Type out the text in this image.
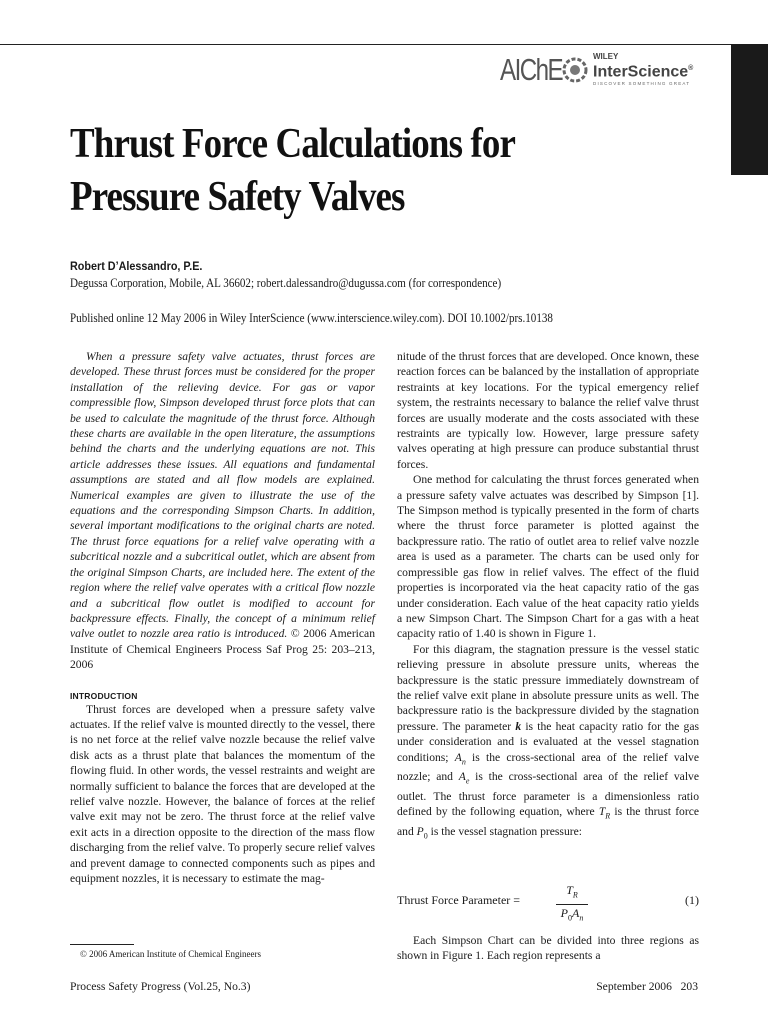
AIChE	WILEY
InterScience®
DISCOVER SOMETHING GREAT
Thrust Force Calculations for
Pressure Safety Valves
Robert D’Alessandro, P.E.
Degussa Corporation, Mobile, AL 36602; robert.dalessandro@dugussa.com (for correspondence)
Published online 12 May 2006 in Wiley InterScience (www.interscience.wiley.com). DOI 10.1002/prs.10138

When a pressure safety valve actuates, thrust forces are developed. These thrust forces must be considered for the proper installation of the relieving device. For gas or vapor compressible flow, Simpson developed thrust force plots that can be used to calculate the magnitude of the thrust force. Although these charts are available in the open literature, the assumptions behind the charts and the underlying equations are not. This article addresses these issues. All equations and fundamental assumptions are stated and all flow models are explained. Numerical examples are given to illustrate the use of the equations and the corresponding Simpson Charts. In addition, several important modifications to the original charts are noted. The thrust force equations for a relief valve operating with a subcritical nozzle and a subcritical outlet, which are absent from the original Simpson Charts, are included here. The extent of the region where the relief valve operates with a critical flow nozzle and a subcritical flow outlet is modified to account for backpressure effects. Finally, the concept of a minimum relief valve outlet to nozzle area ratio is introduced. © 2006 American Institute of Chemical Engineers Process Saf Prog 25: 203–213, 2006

INTRODUCTION

Thrust forces are developed when a pressure safety valve actuates. If the relief valve is mounted directly to the vessel, there is no net force at the relief valve nozzle because the relief valve disk acts as a thrust plate that balances the momentum of the flowing fluid. In other words, the vessel restraints and weight are normally sufficient to balance the forces that are developed at the relief valve nozzle. However, the balance of forces at the relief valve exit may not be zero. The thrust force at the relief valve exit acts in a direction opposite to the direction of the mass flow discharging from the relief valve. To properly secure relief valves and prevent damage to connected components such as pipes and equipment nozzles, it is necessary to estimate the mag-

nitude of the thrust forces that are developed. Once known, these reaction forces can be balanced by the installation of appropriate restraints at key locations. For the typical emergency relief system, the restraints necessary to balance the relief valve thrust forces are usually moderate and the costs associated with these restraints are typically low. However, large pressure safety valves operating at high pressure can produce substantial thrust forces.

One method for calculating the thrust forces generated when a pressure safety valve actuates was described by Simpson [1]. The Simpson method is typically presented in the form of charts where the thrust force parameter is plotted against the backpressure ratio. The ratio of outlet area to relief valve nozzle area is used as a parameter. The charts can be used only for compressible gas flow in relief valves. The effect of the fluid properties is incorporated via the heat capacity ratio of the gas under consideration. Each value of the heat capacity ratio yields a new Simpson Chart. The Simpson Chart for a gas with a heat capacity ratio of 1.40 is shown in Figure 1.

For this diagram, the stagnation pressure is the vessel static relieving pressure in absolute pressure units, whereas the backpressure is the static pressure immediately downstream of the relief valve exit plane in absolute pressure units as well. The backpressure ratio is the backpressure divided by the stagnation pressure. The parameter k is the heat capacity ratio for the gas under consideration and is evaluated at the vessel stagnation conditions; $A_n$ is the cross-sectional area of the relief valve nozzle; and $A_e$ is the cross-sectional area of the relief valve outlet. The thrust force parameter is a dimensionless ratio defined by the following equation, where $T_R$ is the thrust force and $P_0$ is the vessel stagnation pressure:

Thrust Force Parameter =	$\frac{T_R}{P_0A_n}$	(1)

Each Simpson Chart can be divided into three regions as shown in Figure 1. Each region represents a

© 2006 American Institute of Chemical Engineers
Process Safety Progress (Vol.25, No.3)	September 2006   203
